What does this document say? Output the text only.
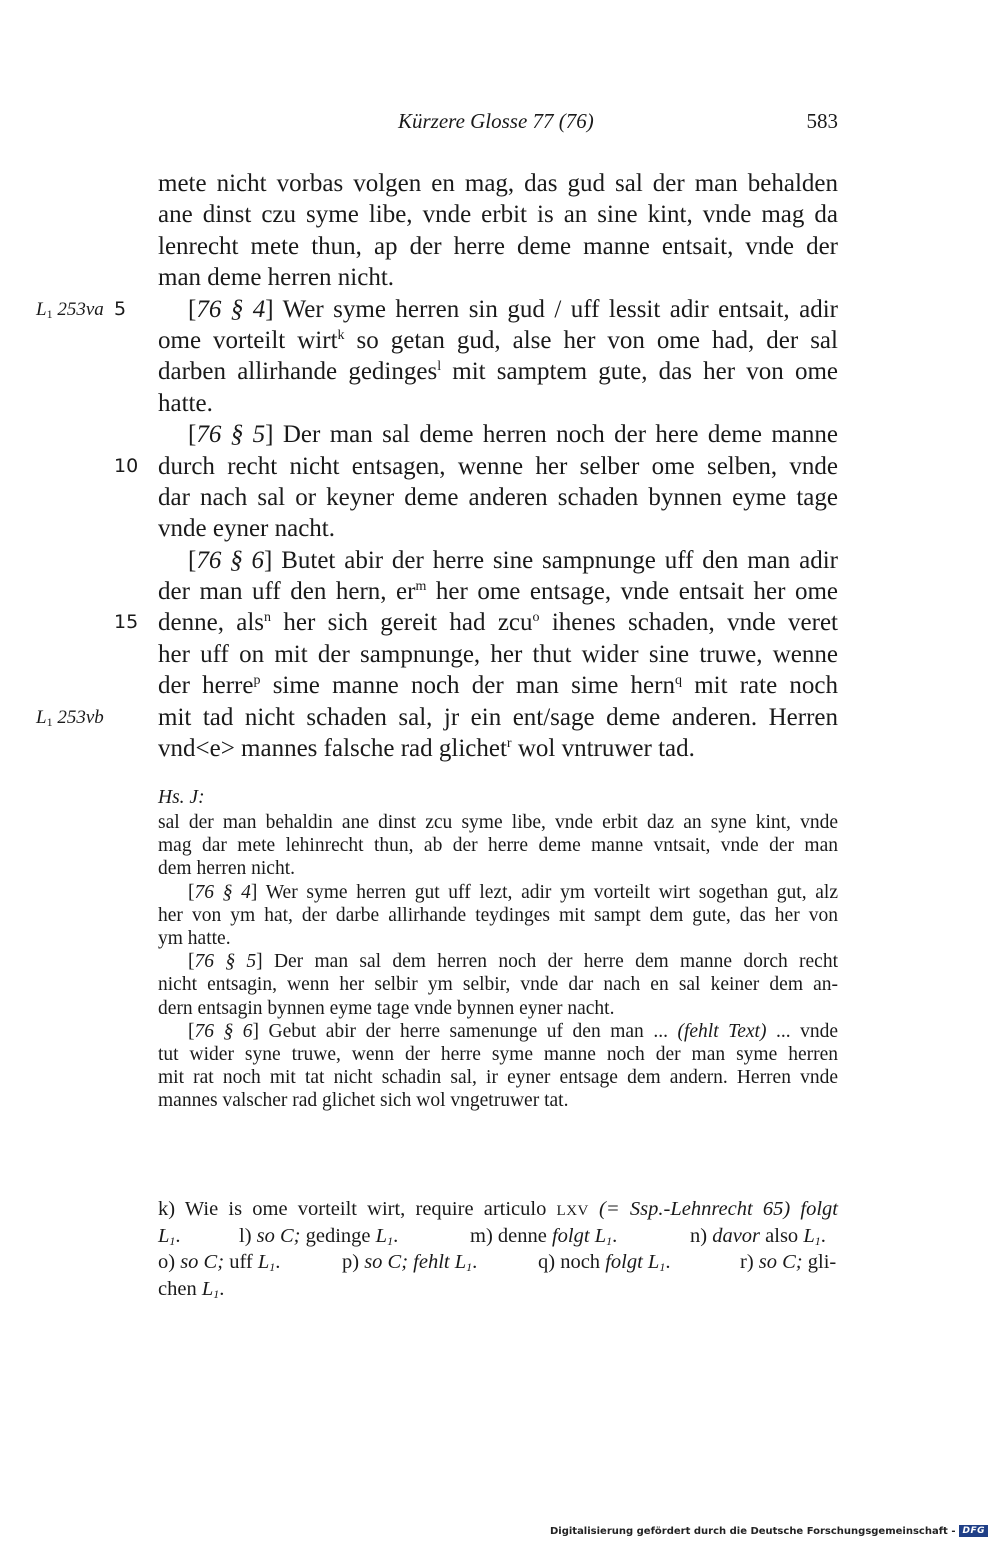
Kürzere Glosse 77 (76)	583
mete nicht vorbas volgen en mag, das gud sal der man behalden
ane dinst czu syme libe, vnde erbit is an sine kint, vnde mag da
lenrecht mete thun, ap der herre deme manne entsait, vnde der
man deme herren nicht.
$L_1$ 253va 5	[76 § 4] Wer syme herren sin gud / uff lessit adir entsait, adir
ome vorteilt wirt$^k$ so getan gud, alse her von ome had, der sal
darben allirhande gedinges$^l$ mit samptem gute, das her von ome
hatte.
[76 § 5] Der man sal deme herren noch der here deme manne
10 durch recht nicht entsagen, wenne her selber ome selben, vnde
dar nach sal or keyner deme anderen schaden bynnen eyme tage
vnde eyner nacht.
[76 § 6] Butet abir der herre sine sampnunge uff den man adir
der man uff den hern, $er^m$ her ome entsage, vnde entsait her ome
15 denne, als$^n$ her sich gereit had zcu$^o$ ihenes schaden, vnde veret
her uff on mit der sampnunge, her thut wider sine truwe, wenne
der herre$^p$ sime manne noch der man sime hern$^q$ mit rate noch
$L_1$ 253vb mit tad nicht schaden sal, jr ein ent/sage deme anderen. Herren
vnd<e> mannes falsche rad glichet$^r$ wol vntruwer tad.
Hs. J:
sal der man behaldin ane dinst zcu syme libe, vnde erbit daz an syne kint, vnde
mag dar mete lehinrecht thun, ab der herre deme manne vntsait, vnde der man
dem herren nicht.
[76 § 4] Wer syme herren gut uff lezt, adir ym vorteilt wirt sogethan gut, alz
her von ym hat, der darbe allirhande teydinges mit sampt dem gute, das her von
ym hatte.
[76 § 5] Der man sal dem herren noch der herre dem manne dorch recht
nicht entsagin, wenn her selbir ym selbir, vnde dar nach en sal keiner dem an-
dern entsagin bynnen eyme tage vnde bynnen eyner nacht.
[76 § 6] Gebut abir der herre samenunge uf den man ... (fehlt Text) ... vnde
tut wider syne truwe, wenn der herre syme manne noch der man syme herren
mit rat noch mit tat nicht schadin sal, ir eyner entsage dem andern. Herren vnde
mannes valscher rad glichet sich wol vngetruwer tat.
k) Wie is ome vorteilt wirt, require articulo LXV (= Ssp.-Lehnrecht 65) folgt
L1.	l) so C; gedinge L1.	m) denne folgt L1.	n) davor also L1.
o) so C; uff L1.	p) so C; fehlt L1.	q) noch folgt L1.	r) so C; gli-
chen L1.
Digitalisierung gefördert durch die Deutsche Forschungsgemeinschaft - DFG
